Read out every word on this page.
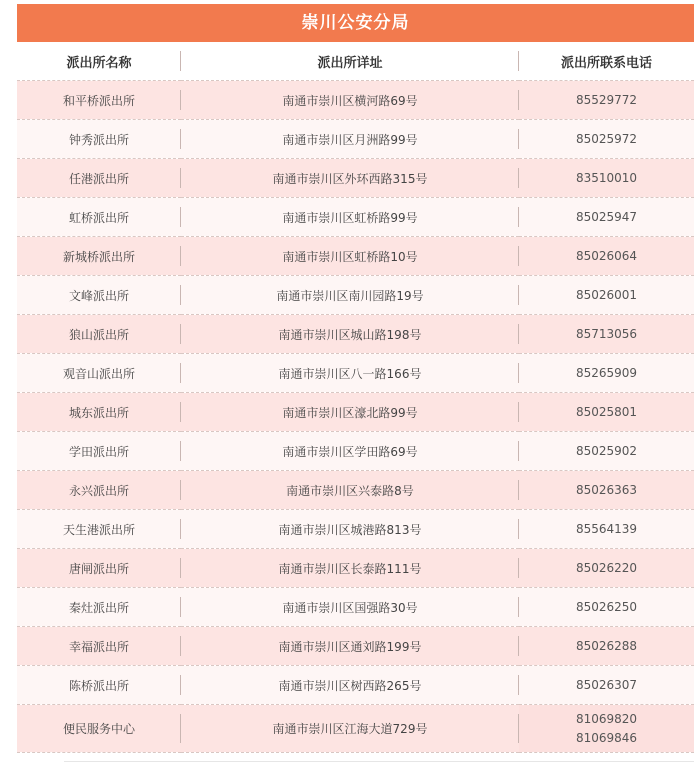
崇川公安分局
派出所名称	派出所详址	派出所联系电话
和平桥派出所	南通市崇川区横河路69号	85529772
钟秀派出所	南通市崇川区月洲路99号	85025972
任港派出所	南通市崇川区外环西路315号	83510010
虹桥派出所	南通市崇川区虹桥路99号	85025947
新城桥派出所	南通市崇川区虹桥路10号	85026064
文峰派出所	南通市崇川区南川园路19号	85026001
狼山派出所	南通市崇川区城山路198号	85713056
观音山派出所	南通市崇川区八一路166号	85265909
城东派出所	南通市崇川区濠北路99号	85025801
学田派出所	南通市崇川区学田路69号	85025902
永兴派出所	南通市崇川区兴泰路8号	85026363
天生港派出所	南通市崇川区城港路813号	85564139
唐闸派出所	南通市崇川区长泰路111号	85026220
秦灶派出所	南通市崇川区国强路30号	85026250
幸福派出所	南通市崇川区通刘路199号	85026288
陈桥派出所	南通市崇川区树西路265号	85026307
便民服务中心	南通市崇川区江海大道729号	81069820
81069846
